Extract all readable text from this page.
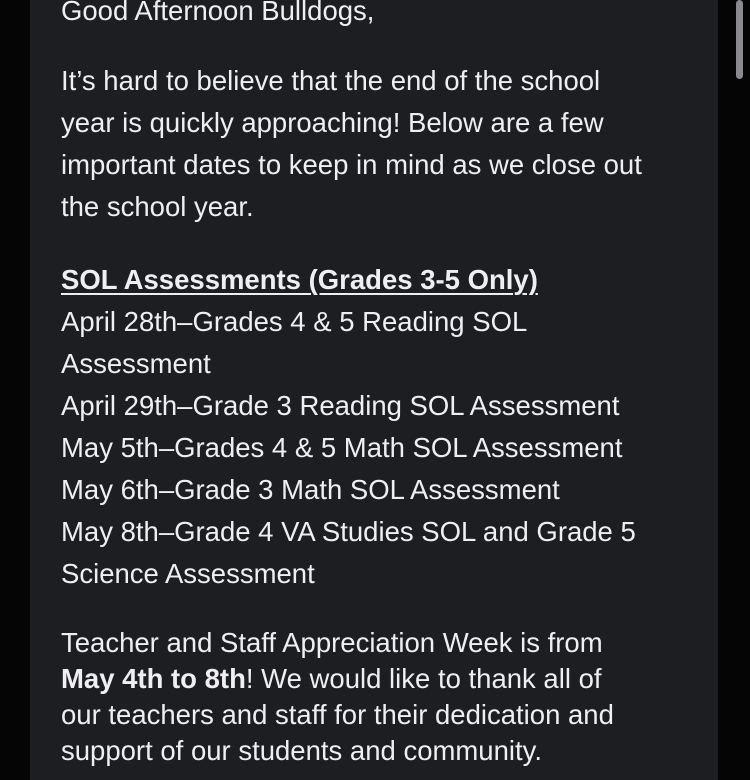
Good Afternoon Bulldogs,

It’s hard to believe that the end of the school
year is quickly approaching! Below are a few
important dates to keep in mind as we close out
the school year.

SOL Assessments (Grades 3-5 Only)
April 28th–Grades 4 & 5 Reading SOL
Assessment
April 29th–Grade 3 Reading SOL Assessment
May 5th–Grades 4 & 5 Math SOL Assessment
May 6th–Grade 3 Math SOL Assessment
May 8th–Grade 4 VA Studies SOL and Grade 5
Science Assessment

Teacher and Staff Appreciation Week is from
May 4th to 8th! We would like to thank all of
our teachers and staff for their dedication and
support of our students and community.
